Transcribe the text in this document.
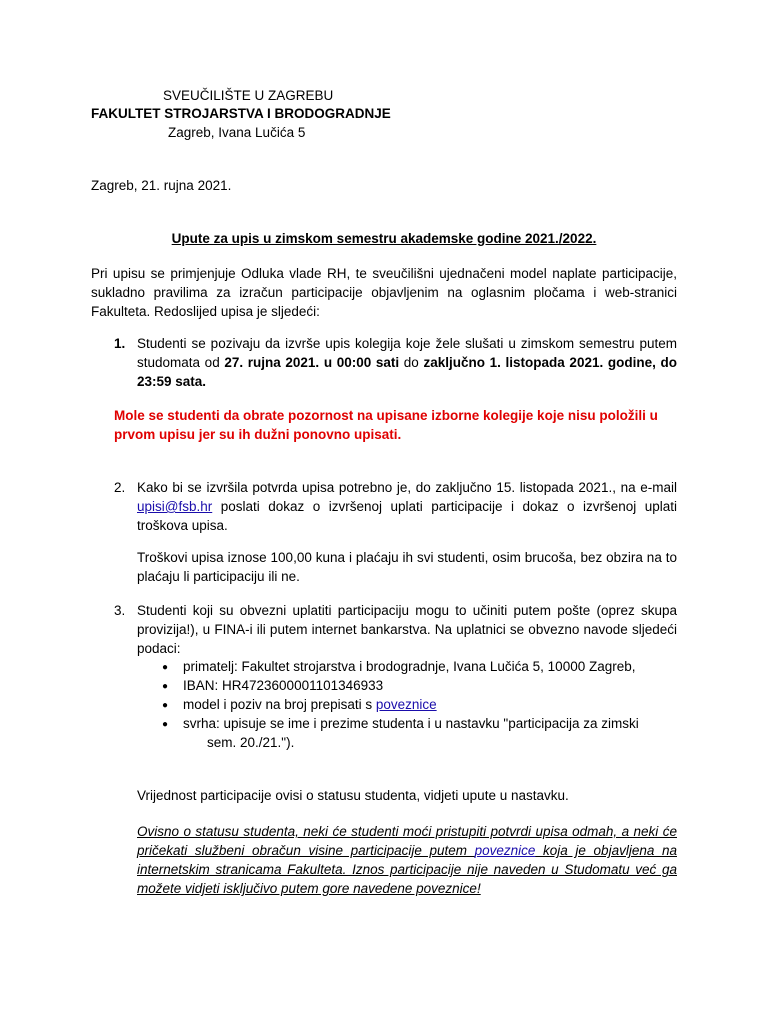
SVEUČILIŠTE U ZAGREBU
FAKULTET STROJARSTVA I BRODOGRADNJE
Zagreb, Ivana Lučića 5
Zagreb, 21. rujna 2021.
Upute za upis u zimskom semestru akademske godine 2021./2022.
Pri upisu se primjenjuje Odluka vlade RH, te sveučilišni ujednačeni model naplate participacije, sukladno pravilima za izračun participacije objavljenim na oglasnim pločama i web-stranici Fakulteta. Redoslijed upisa je sljedeći:
1. Studenti se pozivaju da izvrše upis kolegija koje žele slušati u zimskom semestru putem studomata od 27. rujna 2021. u 00:00 sati do zaključno 1. listopada 2021. godine, do 23:59 sata.
Mole se studenti da obrate pozornost na upisane izborne kolegije koje nisu položili u prvom upisu jer su ih dužni ponovno upisati.
2. Kako bi se izvršila potvrda upisa potrebno je, do zaključno 15. listopada 2021., na e-mail upisi@fsb.hr poslati dokaz o izvršenoj uplati participacije i dokaz o izvršenoj uplati troškova upisa.
Troškovi upisa iznose 100,00 kuna i plaćaju ih svi studenti, osim brucoša, bez obzira na to plaćaju li participaciju ili ne.
3. Studenti koji su obvezni uplatiti participaciju mogu to učiniti putem pošte (oprez skupa provizija!), u FINA-i ili putem internet bankarstva. Na uplatnici se obvezno navode sljedeći podaci:
● primatelj: Fakultet strojarstva i brodogradnje, Ivana Lučića 5, 10000 Zagreb,
● IBAN: HR4723600001101346933
● model i poziv na broj prepisati s poveznice
● svrha: upisuje se ime i prezime studenta i u nastavku "participacija za zimski
sem. 20./21.").
Vrijednost participacije ovisi o statusu studenta, vidjeti upute u nastavku.
Ovisno o statusu studenta, neki će studenti moći pristupiti potvrdi upisa odmah, a neki će pričekati službeni obračun visine participacije putem poveznice koja je objavljena na internetskim stranicama Fakulteta. Iznos participacije nije naveden u Studomatu već ga možete vidjeti isključivo putem gore navedene poveznice!
